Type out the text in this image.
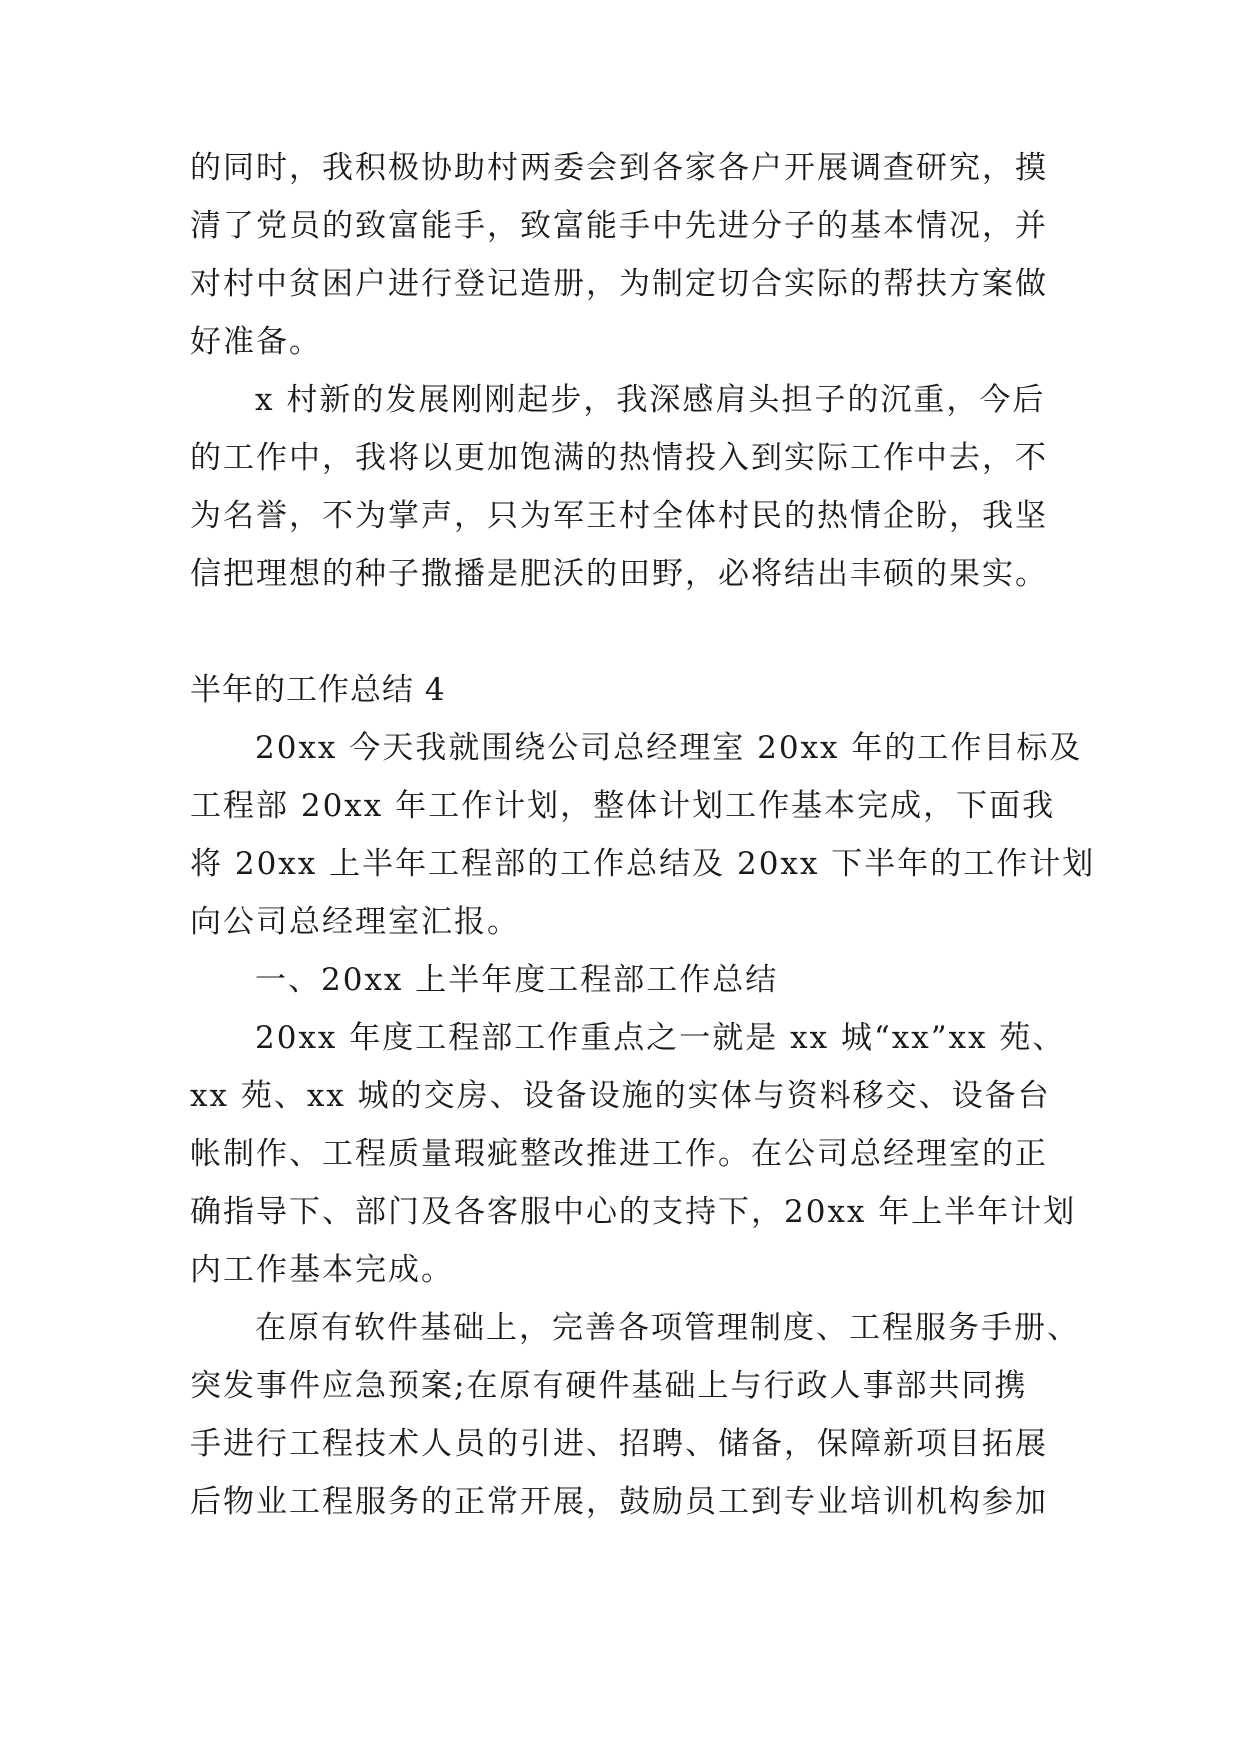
的同时，我积极协助村两委会到各家各户开展调查研究，摸
清了党员的致富能手，致富能手中先进分子的基本情况，并
对村中贫困户进行登记造册，为制定切合实际的帮扶方案做
好准备。
x 村新的发展刚刚起步，我深感肩头担子的沉重，今后
的工作中，我将以更加饱满的热情投入到实际工作中去，不
为名誉，不为掌声，只为军王村全体村民的热情企盼，我坚
信把理想的种子撒播是肥沃的田野，必将结出丰硕的果实。
半年的工作总结 4
20xx 今天我就围绕公司总经理室 20xx 年的工作目标及
工程部 20xx 年工作计划，整体计划工作基本完成，下面我
将 20xx 上半年工程部的工作总结及 20xx 下半年的工作计划
向公司总经理室汇报。
一、20xx 上半年度工程部工作总结
20xx 年度工程部工作重点之一就是 xx 城“xx”xx 苑、
xx 苑、xx 城的交房、设备设施的实体与资料移交、设备台
帐制作、工程质量瑕疵整改推进工作。在公司总经理室的正
确指导下、部门及各客服中心的支持下，20xx 年上半年计划
内工作基本完成。
在原有软件基础上，完善各项管理制度、工程服务手册、
突发事件应急预案;在原有硬件基础上与行政人事部共同携
手进行工程技术人员的引进、招聘、储备，保障新项目拓展
后物业工程服务的正常开展，鼓励员工到专业培训机构参加
